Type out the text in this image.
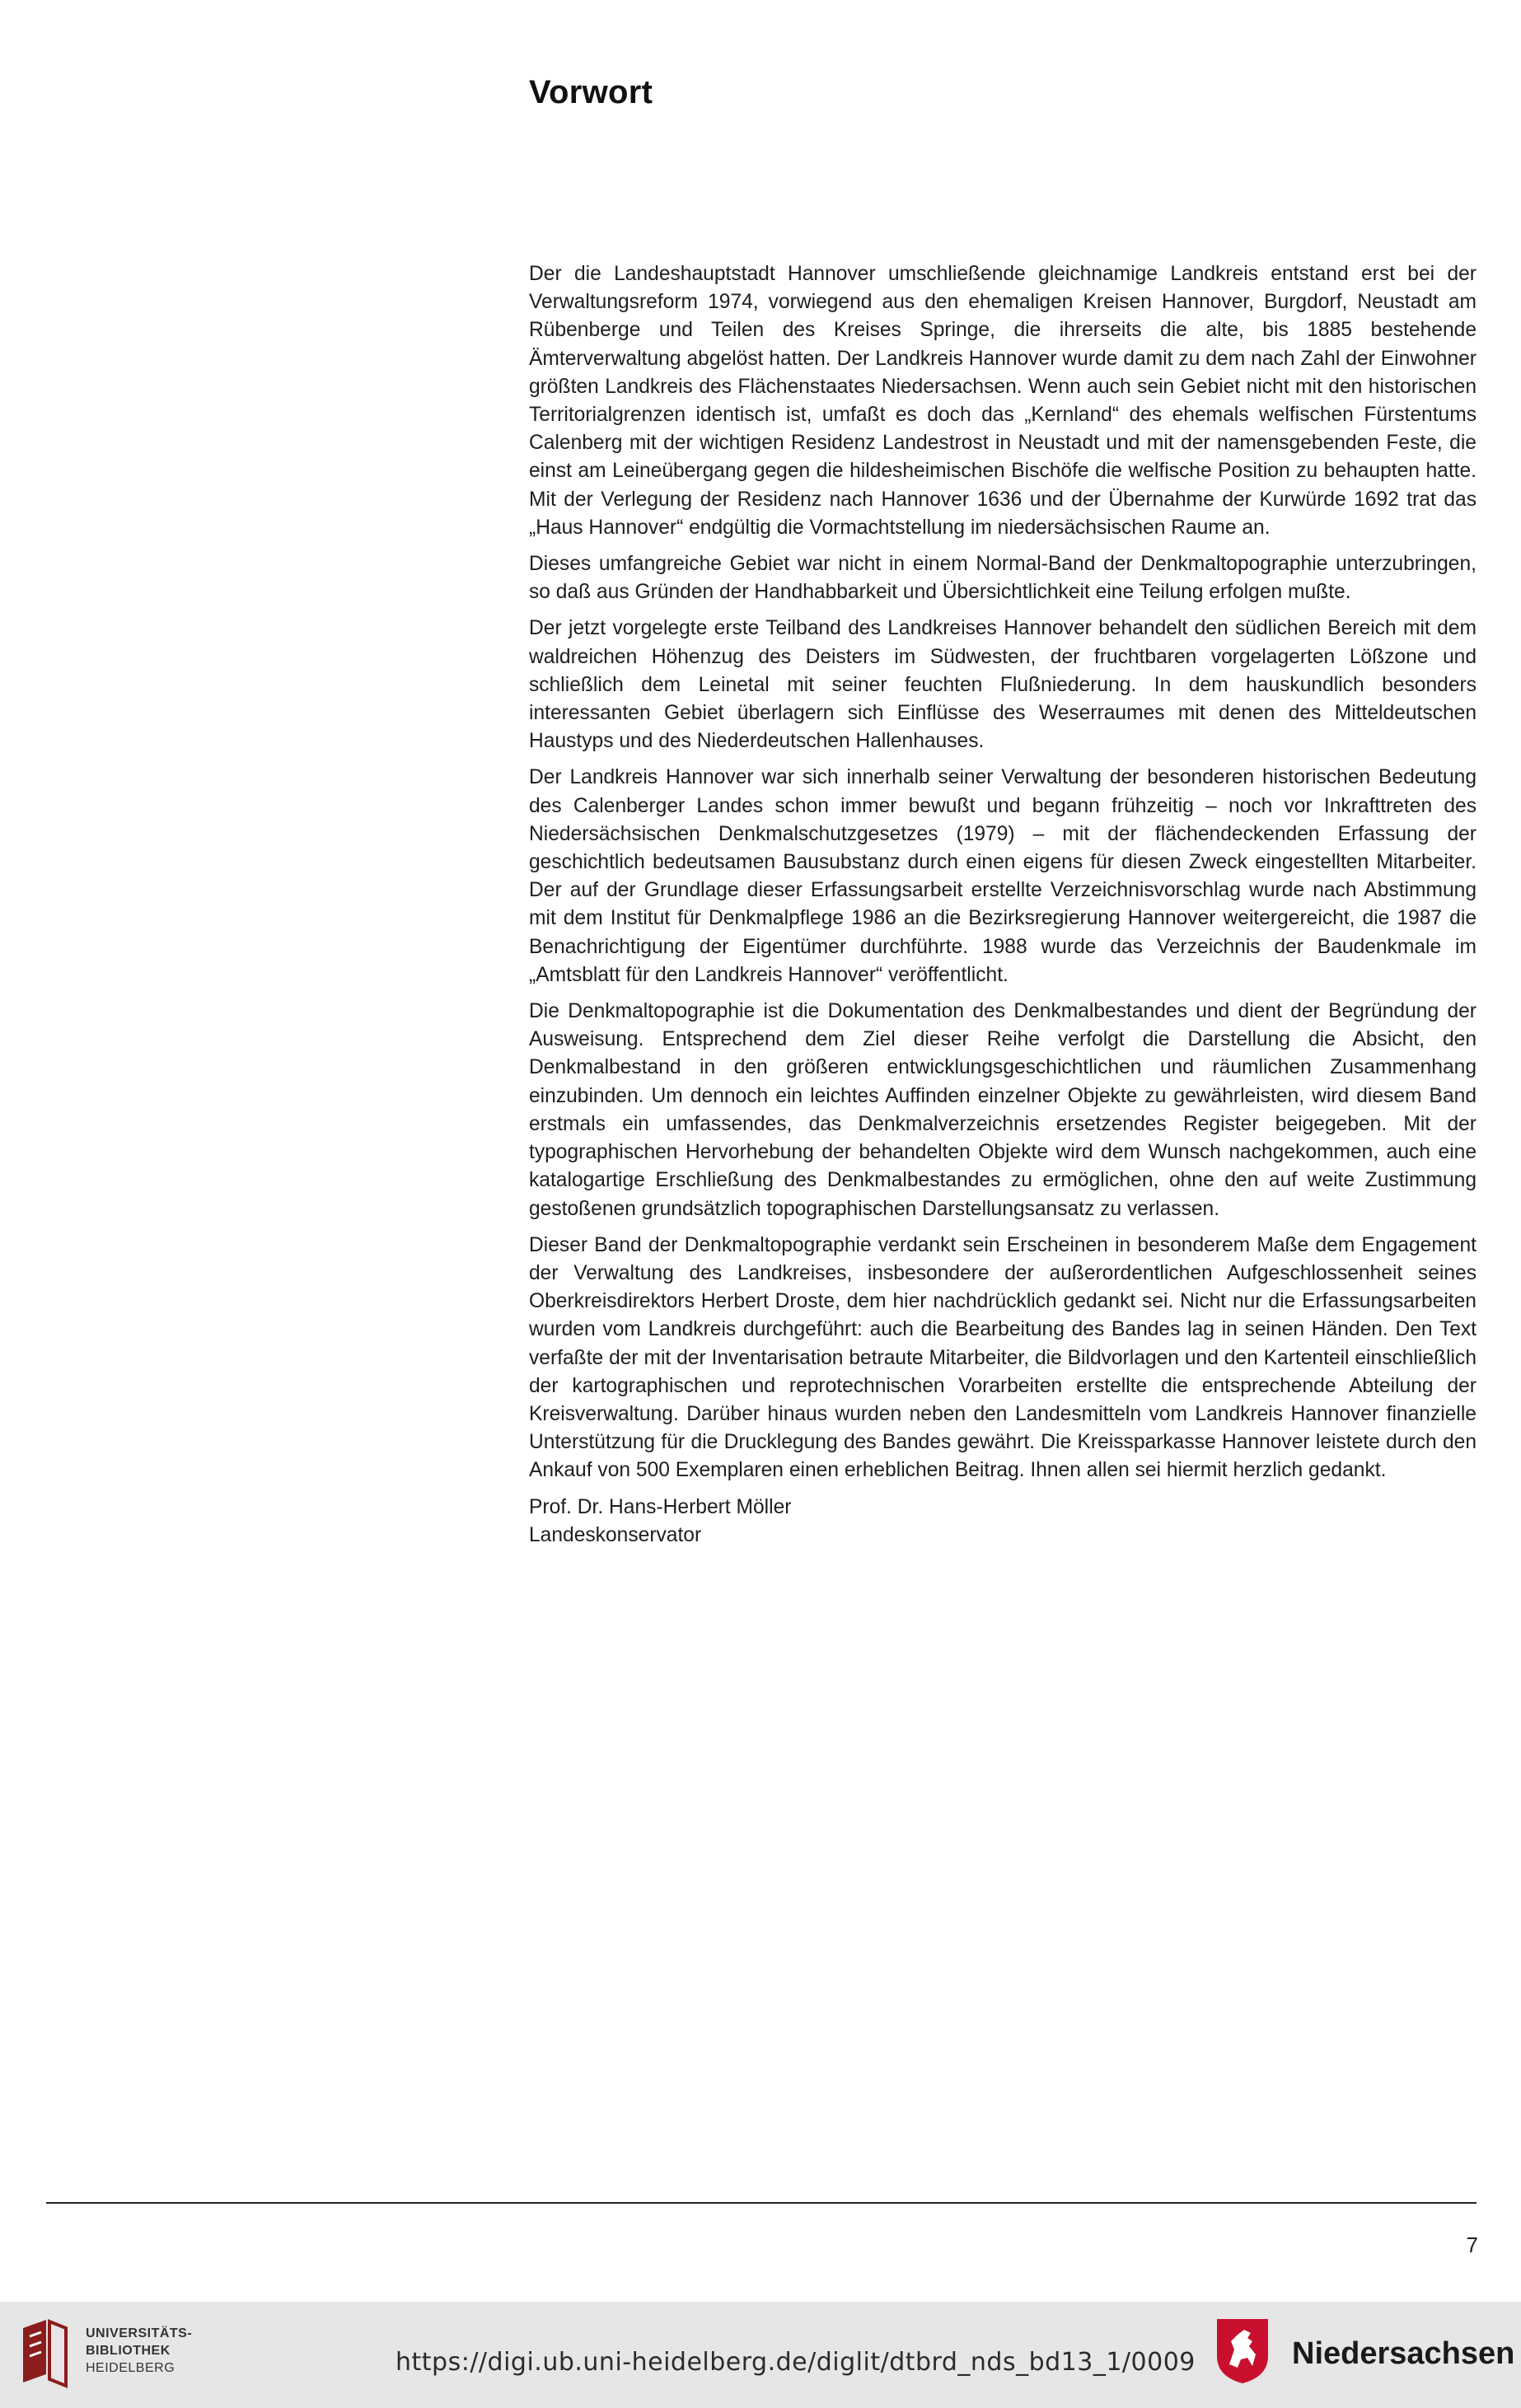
Vorwort

Der die Landeshauptstadt Hannover umschließende gleichnamige Landkreis entstand erst bei der Verwaltungsreform 1974, vorwiegend aus den ehemaligen Kreisen Hannover, Burgdorf, Neustadt am Rübenberge und Teilen des Kreises Springe, die ihrerseits die alte, bis 1885 bestehende Ämterverwaltung abgelöst hatten. Der Landkreis Hannover wurde damit zu dem nach Zahl der Einwohner größten Landkreis des Flächenstaates Niedersachsen. Wenn auch sein Gebiet nicht mit den historischen Territorialgrenzen identisch ist, umfaßt es doch das „Kernland“ des ehemals welfischen Fürstentums Calenberg mit der wichtigen Residenz Landestrost in Neustadt und mit der namensgebenden Feste, die einst am Leineübergang gegen die hildesheimischen Bischöfe die welfische Position zu behaupten hatte. Mit der Verlegung der Residenz nach Hannover 1636 und der Übernahme der Kurwürde 1692 trat das „Haus Hannover“ endgültig die Vormachtstellung im niedersächsischen Raume an.

Dieses umfangreiche Gebiet war nicht in einem Normal-Band der Denkmaltopographie unterzubringen, so daß aus Gründen der Handhabbarkeit und Übersichtlichkeit eine Teilung erfolgen mußte.

Der jetzt vorgelegte erste Teilband des Landkreises Hannover behandelt den südlichen Bereich mit dem waldreichen Höhenzug des Deisters im Südwesten, der fruchtbaren vorgelagerten Lößzone und schließlich dem Leinetal mit seiner feuchten Flußniederung. In dem hauskundlich besonders interessanten Gebiet überlagern sich Einflüsse des Weserraumes mit denen des Mitteldeutschen Haustyps und des Niederdeutschen Hallenhauses.

Der Landkreis Hannover war sich innerhalb seiner Verwaltung der besonderen historischen Bedeutung des Calenberger Landes schon immer bewußt und begann frühzeitig – noch vor Inkrafttreten des Niedersächsischen Denkmalschutzgesetzes (1979) – mit der flächendeckenden Erfassung der geschichtlich bedeutsamen Bausubstanz durch einen eigens für diesen Zweck eingestellten Mitarbeiter. Der auf der Grundlage dieser Erfassungsarbeit erstellte Verzeichnisvorschlag wurde nach Abstimmung mit dem Institut für Denkmalpflege 1986 an die Bezirksregierung Hannover weitergereicht, die 1987 die Benachrichtigung der Eigentümer durchführte. 1988 wurde das Verzeichnis der Baudenkmale im „Amtsblatt für den Landkreis Hannover“ veröffentlicht.

Die Denkmaltopographie ist die Dokumentation des Denkmalbestandes und dient der Begründung der Ausweisung. Entsprechend dem Ziel dieser Reihe verfolgt die Darstellung die Absicht, den Denkmalbestand in den größeren entwicklungsgeschichtlichen und räumlichen Zusammenhang einzubinden. Um dennoch ein leichtes Auffinden einzelner Objekte zu gewährleisten, wird diesem Band erstmals ein umfassendes, das Denkmalverzeichnis ersetzendes Register beigegeben. Mit der typographischen Hervorhebung der behandelten Objekte wird dem Wunsch nachgekommen, auch eine katalogartige Erschließung des Denkmalbestandes zu ermöglichen, ohne den auf weite Zustimmung gestoßenen grundsätzlich topographischen Darstellungsansatz zu verlassen.

Dieser Band der Denkmaltopographie verdankt sein Erscheinen in besonderem Maße dem Engagement der Verwaltung des Landkreises, insbesondere der außerordentlichen Aufgeschlossenheit seines Oberkreisdirektors Herbert Droste, dem hier nachdrücklich gedankt sei. Nicht nur die Erfassungsarbeiten wurden vom Landkreis durchgeführt: auch die Bearbeitung des Bandes lag in seinen Händen. Den Text verfaßte der mit der Inventarisation betraute Mitarbeiter, die Bildvorlagen und den Kartenteil einschließlich der kartographischen und reprotechnischen Vorarbeiten erstellte die entsprechende Abteilung der Kreisverwaltung. Darüber hinaus wurden neben den Landesmitteln vom Landkreis Hannover finanzielle Unterstützung für die Drucklegung des Bandes gewährt. Die Kreissparkasse Hannover leistete durch den Ankauf von 500 Exemplaren einen erheblichen Beitrag. Ihnen allen sei hiermit herzlich gedankt.

Prof. Dr. Hans-Herbert Möller
Landeskonservator
7
UNIVERSITÄTS-
BIBLIOTHEK
HEIDELBERG	https://digi.ub.uni-heidelberg.de/diglit/dtbrd_nds_bd13_1/0009	Niedersachsen
